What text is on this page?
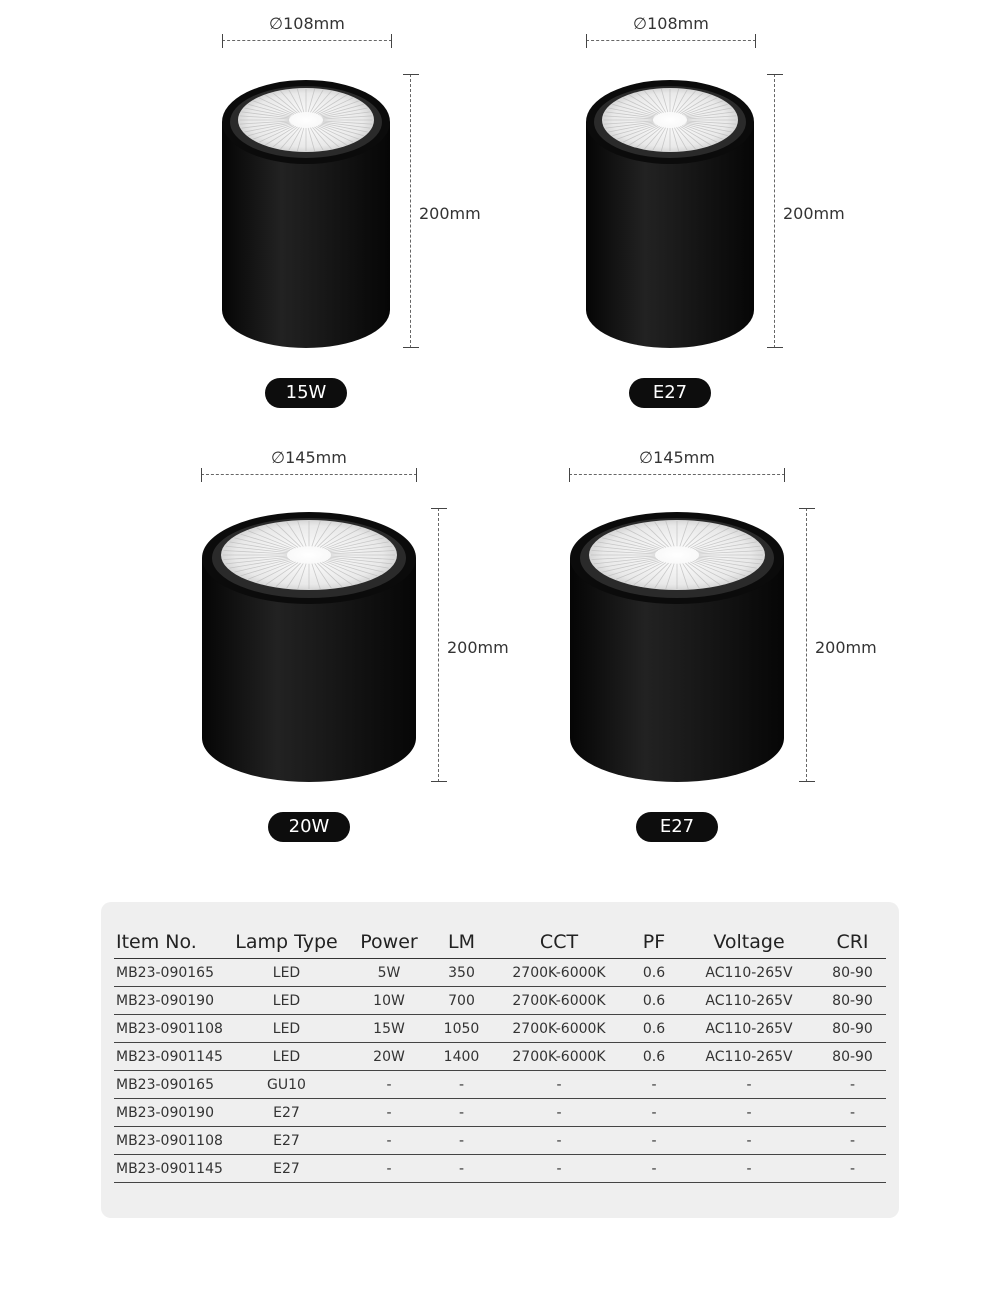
∅108mm
200mm
15W
∅108mm
200mm
E27
∅145mm
200mm
20W
∅145mm
200mm
E27
Item No.	Lamp Type	Power	LM	CCT	PF	Voltage	CRI
MB23-090165	LED	5W	350	2700K-6000K	0.6	AC110-265V	80-90
MB23-090190	LED	10W	700	2700K-6000K	0.6	AC110-265V	80-90
MB23-0901108	LED	15W	1050	2700K-6000K	0.6	AC110-265V	80-90
MB23-0901145	LED	20W	1400	2700K-6000K	0.6	AC110-265V	80-90
MB23-090165	GU10	-	-	-	-	-	-
MB23-090190	E27	-	-	-	-	-	-
MB23-0901108	E27	-	-	-	-	-	-
MB23-0901145	E27	-	-	-	-	-	-
